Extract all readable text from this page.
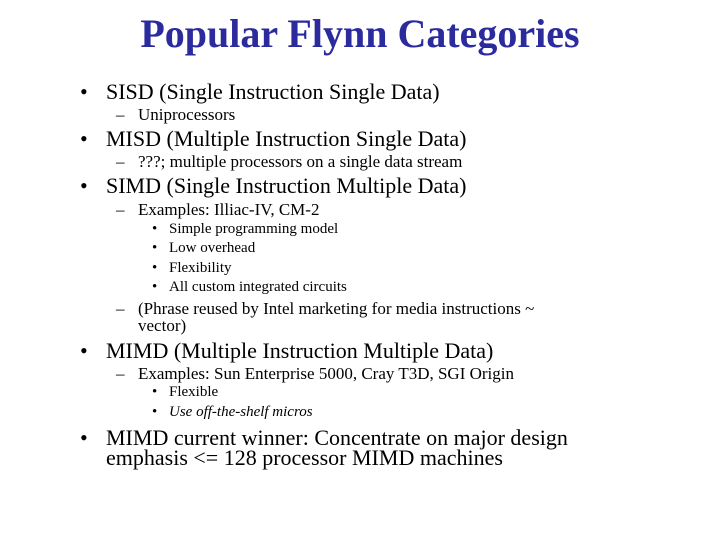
Popular Flynn Categories
• SISD (Single Instruction Single Data)
– Uniprocessors
• MISD (Multiple Instruction Single Data)
– ???; multiple processors on a single data stream
• SIMD (Single Instruction Multiple Data)
– Examples: Illiac-IV, CM-2
• Simple programming model
• Low overhead
• Flexibility
• All custom integrated circuits
– (Phrase reused by Intel marketing for media instructions ~
vector)
• MIMD (Multiple Instruction Multiple Data)
– Examples: Sun Enterprise 5000, Cray T3D, SGI Origin
• Flexible
• Use off-the-shelf micros
• MIMD current winner: Concentrate on major design
emphasis <= 128 processor MIMD machines
